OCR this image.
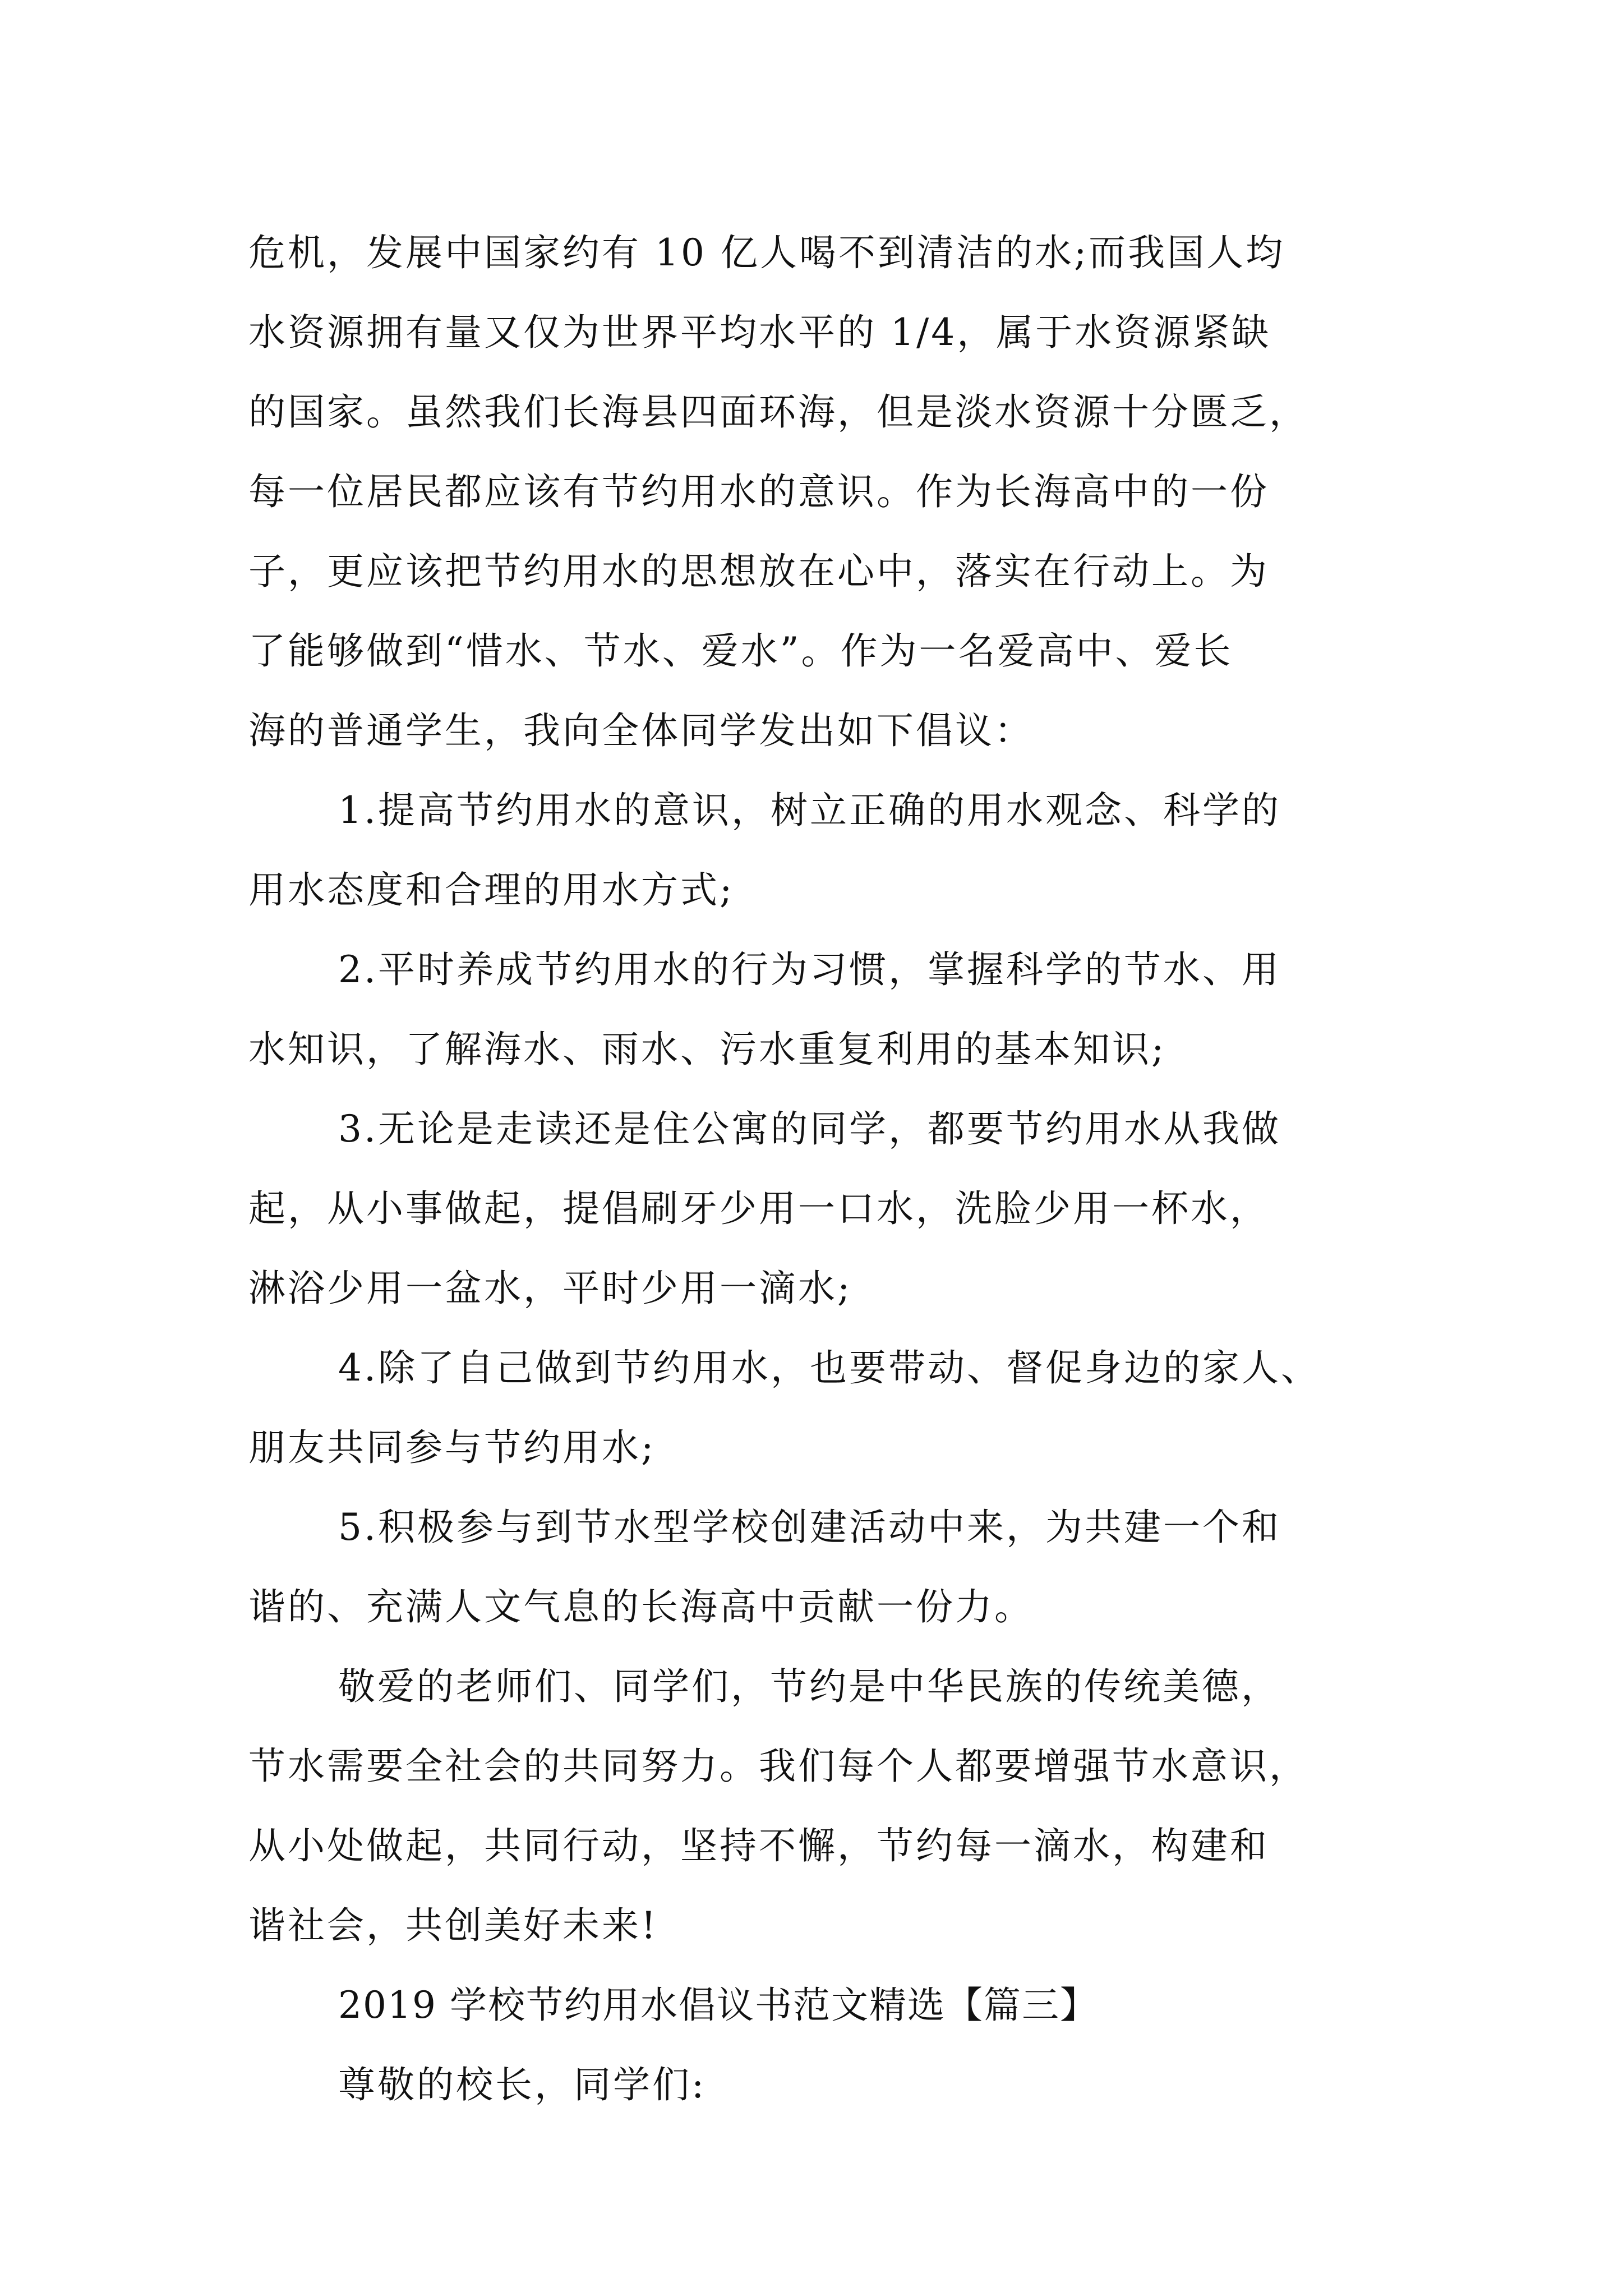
危机，发展中国家约有 10 亿人喝不到清洁的水;而我国人均
水资源拥有量又仅为世界平均水平的 1/4，属于水资源紧缺
的国家。虽然我们长海县四面环海，但是淡水资源十分匮乏，
每一位居民都应该有节约用水的意识。作为长海高中的一份
子，更应该把节约用水的思想放在心中，落实在行动上。为
了能够做到“惜水、节水、爱水”。作为一名爱高中、爱长
海的普通学生，我向全体同学发出如下倡议：
1.提高节约用水的意识，树立正确的用水观念、科学的
用水态度和合理的用水方式;
2.平时养成节约用水的行为习惯，掌握科学的节水、用
水知识，了解海水、雨水、污水重复利用的基本知识;
3.无论是走读还是住公寓的同学，都要节约用水从我做
起，从小事做起，提倡刷牙少用一口水，洗脸少用一杯水，
淋浴少用一盆水，平时少用一滴水;
4.除了自己做到节约用水，也要带动、督促身边的家人、
朋友共同参与节约用水;
5.积极参与到节水型学校创建活动中来，为共建一个和
谐的、充满人文气息的长海高中贡献一份力。
敬爱的老师们、同学们，节约是中华民族的传统美德，
节水需要全社会的共同努力。我们每个人都要增强节水意识，
从小处做起，共同行动，坚持不懈，节约每一滴水，构建和
谐社会，共创美好未来!
2019 学校节约用水倡议书范文精选【篇三】
尊敬的校长，同学们:
